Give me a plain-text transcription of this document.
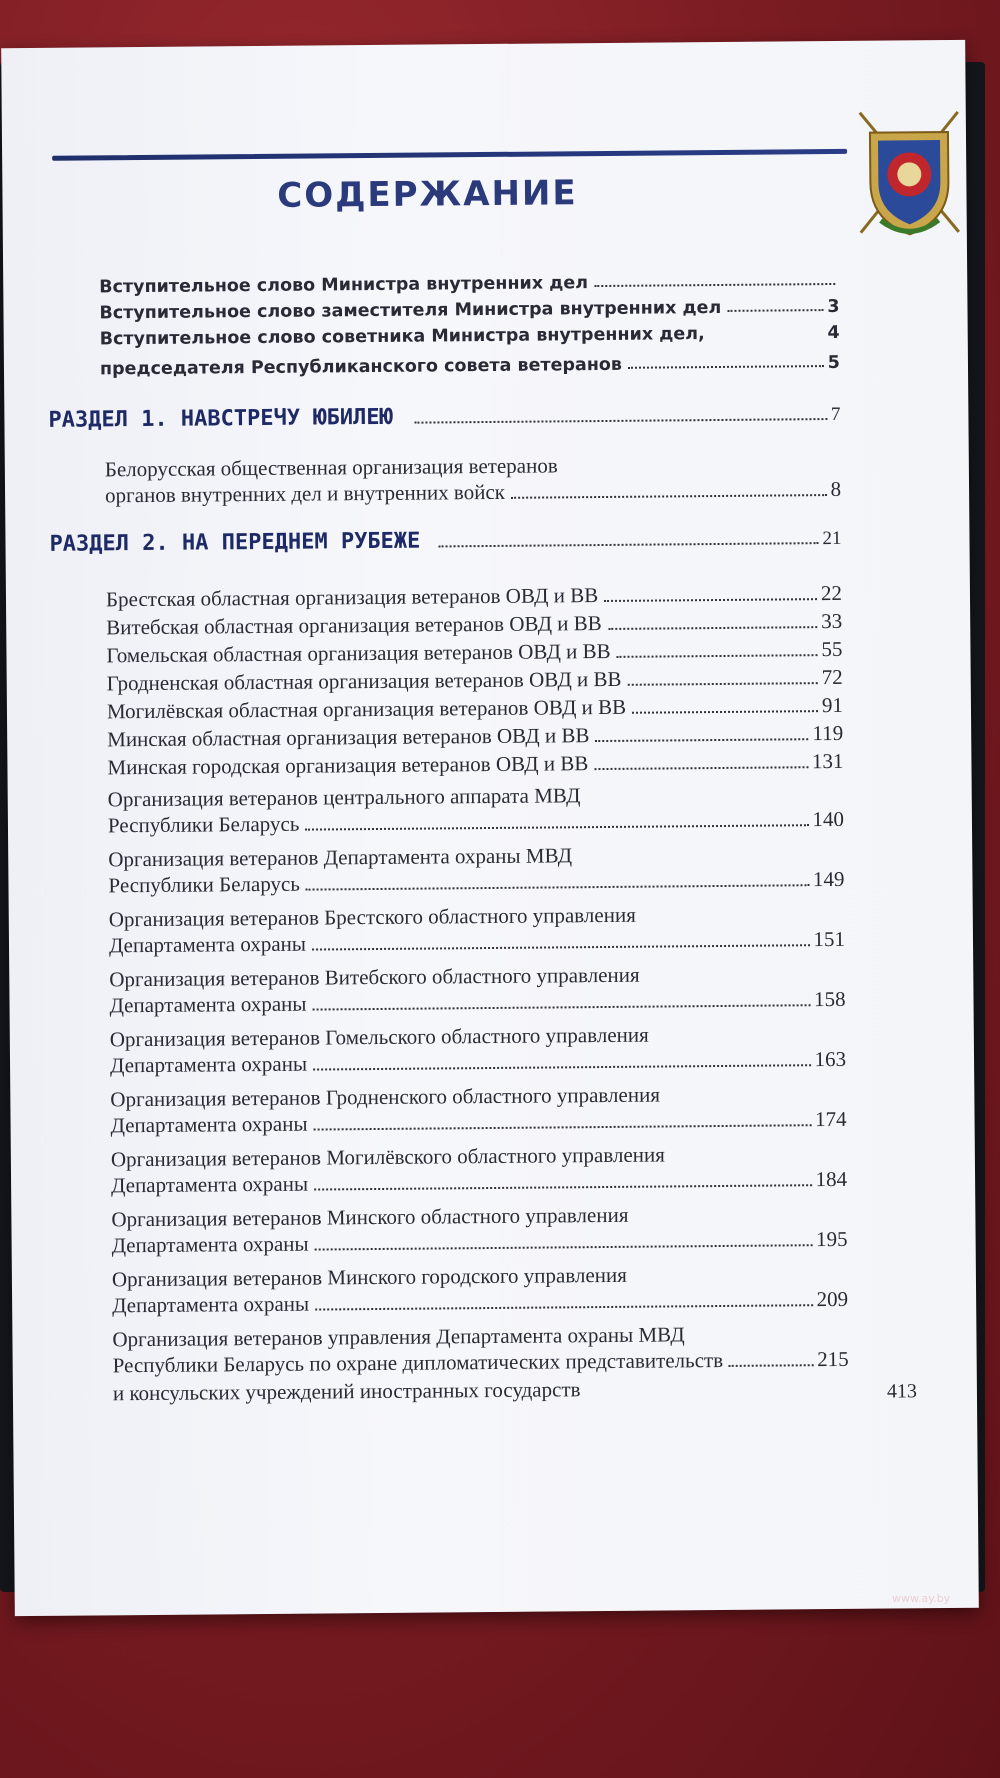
СОДЕРЖАНИЕ
Вступительное слово Министра внутренних дел
Вступительное слово заместителя Министра внутренних дел	3
Вступительное слово советника Министра внутренних дел,	4
председателя Республиканского совета ветеранов	5
РАЗДЕЛ 1. НАВСТРЕЧУ ЮБИЛЕЮ	7
Белорусская общественная организация ветеранов
органов внутренних дел и внутренних войск	8
РАЗДЕЛ 2. НА ПЕРЕДНЕМ РУБЕЖЕ	21
Брестская областная организация ветеранов ОВД и ВВ	22
Витебская областная организация ветеранов ОВД и ВВ	33
Гомельская областная организация ветеранов ОВД и ВВ	55
Гродненская областная организация ветеранов ОВД и ВВ	72
Могилёвская областная организация ветеранов ОВД и ВВ	91
Минская областная организация ветеранов ОВД и ВВ	119
Минская городская организация ветеранов ОВД и ВВ	131
Организация ветеранов центрального аппарата МВД
Республики Беларусь	140
Организация ветеранов Департамента охраны МВД
Республики Беларусь	149
Организация ветеранов Брестского областного управления
Департамента охраны	151
Организация ветеранов Витебского областного управления
Департамента охраны	158
Организация ветеранов Гомельского областного управления
Департамента охраны	163
Организация ветеранов Гродненского областного управления
Департамента охраны	174
Организация ветеранов Могилёвского областного управления
Департамента охраны	184
Организация ветеранов Минского областного управления
Департамента охраны	195
Организация ветеранов Минского городского управления
Департамента охраны	209
Организация ветеранов управления Департамента охраны МВД
Республики Беларусь по охране дипломатических представительств	215
и консульских учреждений иностранных государств	413
www.ay.by
